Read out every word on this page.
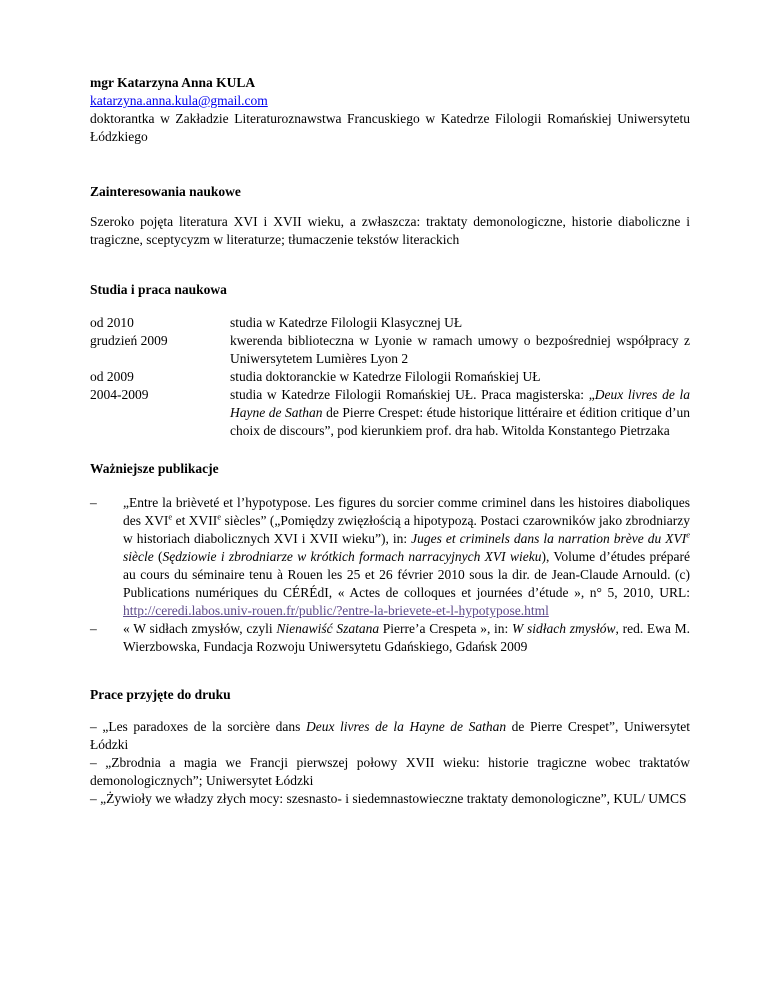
mgr Katarzyna Anna KULA

katarzyna.anna.kula@gmail.com

doktorantka w Zakładzie Literaturoznawstwa Francuskiego w Katedrze Filologii Romańskiej Uniwersytetu Łódzkiego

Zainteresowania naukowe

Szeroko pojęta literatura XVI i XVII wieku, a zwłaszcza: traktaty demonologiczne, historie diaboliczne i tragiczne, sceptycyzm w literaturze; tłumaczenie tekstów literackich

Studia i praca naukowa
od 2010	studia w Katedrze Filologii Klasycznej UŁ
grudzień 2009	kwerenda biblioteczna w Lyonie w ramach umowy o bezpośredniej współpracy z Uniwersytetem Lumières Lyon 2
od 2009	studia doktoranckie w Katedrze Filologii Romańskiej UŁ
2004-2009	studia w Katedrze Filologii Romańskiej UŁ. Praca magisterska: „Deux livres de la Hayne de Sathan de Pierre Crespet: étude historique littéraire et édition critique d’un choix de discours”, pod kierunkiem prof. dra hab. Witolda Konstantego Pietrzaka
Ważniejsze publikacje
–	„Entre la brièveté et l’hypotypose. Les figures du sorcier comme criminel dans les histoires diaboliques des XVIe et XVIIe siècles” („Pomiędzy zwięzłością a hipotypozą. Postaci czarowników jako zbrodniarzy w historiach diabolicznych XVI i XVII wieku”), in: Juges et criminels dans la narration brève du XVIe siècle (Sędziowie i zbrodniarze w krótkich formach narracyjnych XVI wieku), Volume d’études préparé au cours du séminaire tenu à Rouen les 25 et 26 février 2010 sous la dir. de Jean-Claude Arnould. (c) Publications numériques du CÉRÉdI, « Actes de colloques et journées d’étude », n° 5, 2010, URL: http://ceredi.labos.univ-rouen.fr/public/?entre-la-brievete-et-l-hypotypose.html

–	« W sidłach zmysłów, czyli Nienawiść Szatana Pierre’a Crespeta », in: W sidłach zmysłów, red. Ewa M. Wierzbowska, Fundacja Rozwoju Uniwersytetu Gdańskiego, Gdańsk 2009

Prace przyjęte do druku

– „Les paradoxes de la sorcière dans Deux livres de la Hayne de Sathan de Pierre Crespet”, Uniwersytet Łódzki

– „Zbrodnia a magia we Francji pierwszej połowy XVII wieku: historie tragiczne wobec traktatów demonologicznych”; Uniwersytet Łódzki

– „Żywioły we władzy złych mocy: szesnasto- i siedemnastowieczne traktaty demonologiczne”, KUL/ UMCS
